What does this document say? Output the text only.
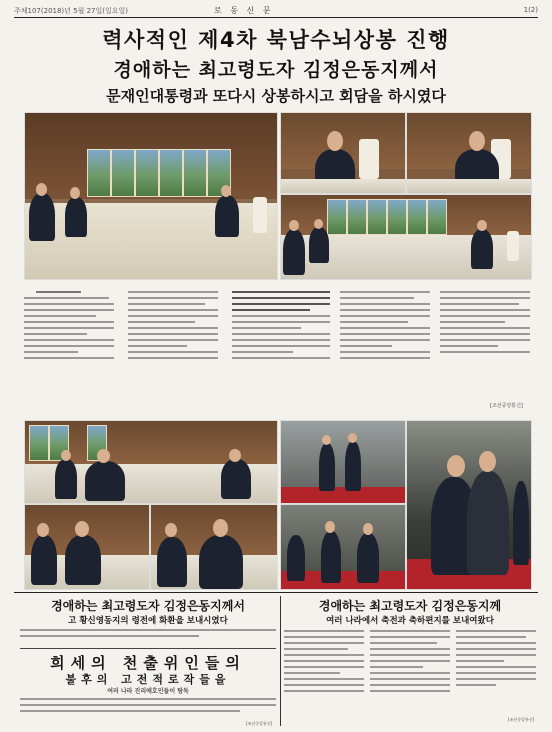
주체107(2018)년 5월 27일(일요일)	로 동 신 문	1(2)
력사적인 제4차 북남수뇌상봉 진행
경애하는 최고령도자 김정은동지께서
문재인대통령과 또다시 상봉하시고 회담을 하시였다
[조선중앙통신]
경애하는 최고령도자 김정은동지께서
고 황신영동지의 령전에 화환을 보내시였다
희세의 천출위인들의
불후의 고전적로작들을
여러 나라 진리애호인들이 탐독
[조선중앙통신]
경애하는 최고령도자 김정은동지께
여러 나라에서 축전과 축하편지를 보내여왔다
[조선중앙통신]
